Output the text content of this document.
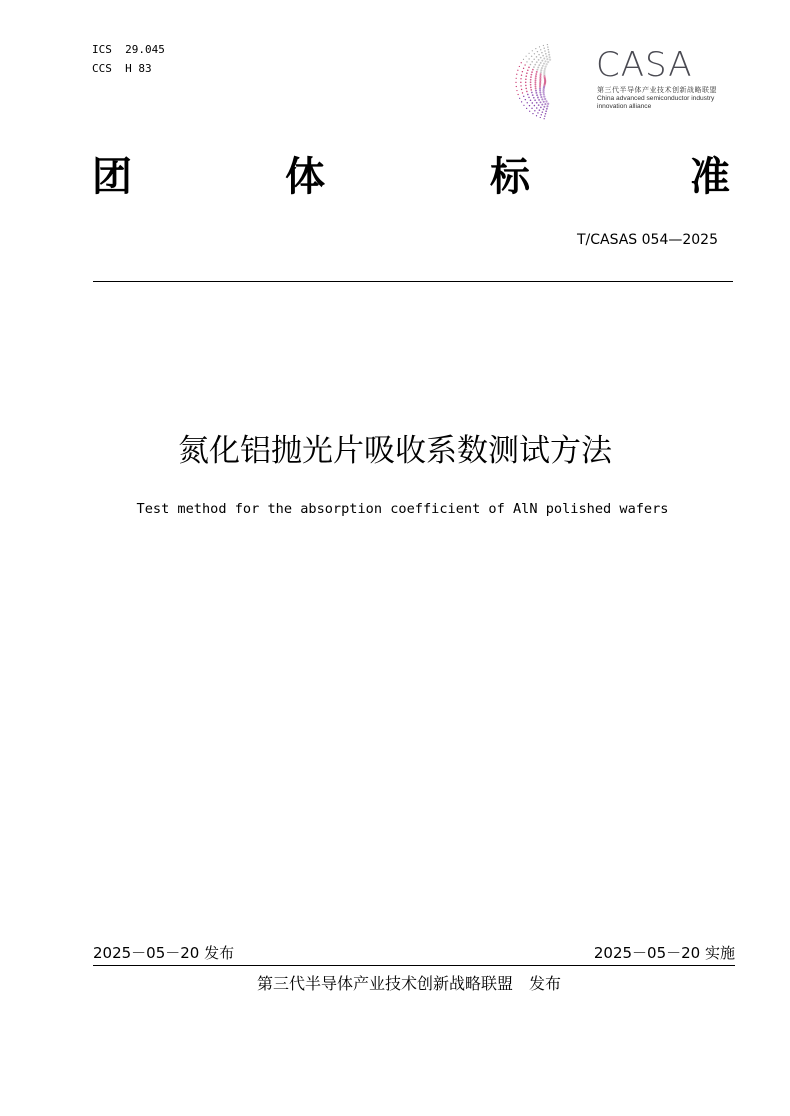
ICS  29.045
CCS  H 83	CASA
第三代半导体产业技术创新战略联盟
China advanced semiconductor industry
innovation alliance
团	体	标	准
T/CASAS 054—2025
氮化铝抛光片吸收系数测试方法
Test method for the absorption coefficient of AlN polished wafers
2025－05－20 发布	2025－05－20 实施
第三代半导体产业技术创新战略联盟　发布
